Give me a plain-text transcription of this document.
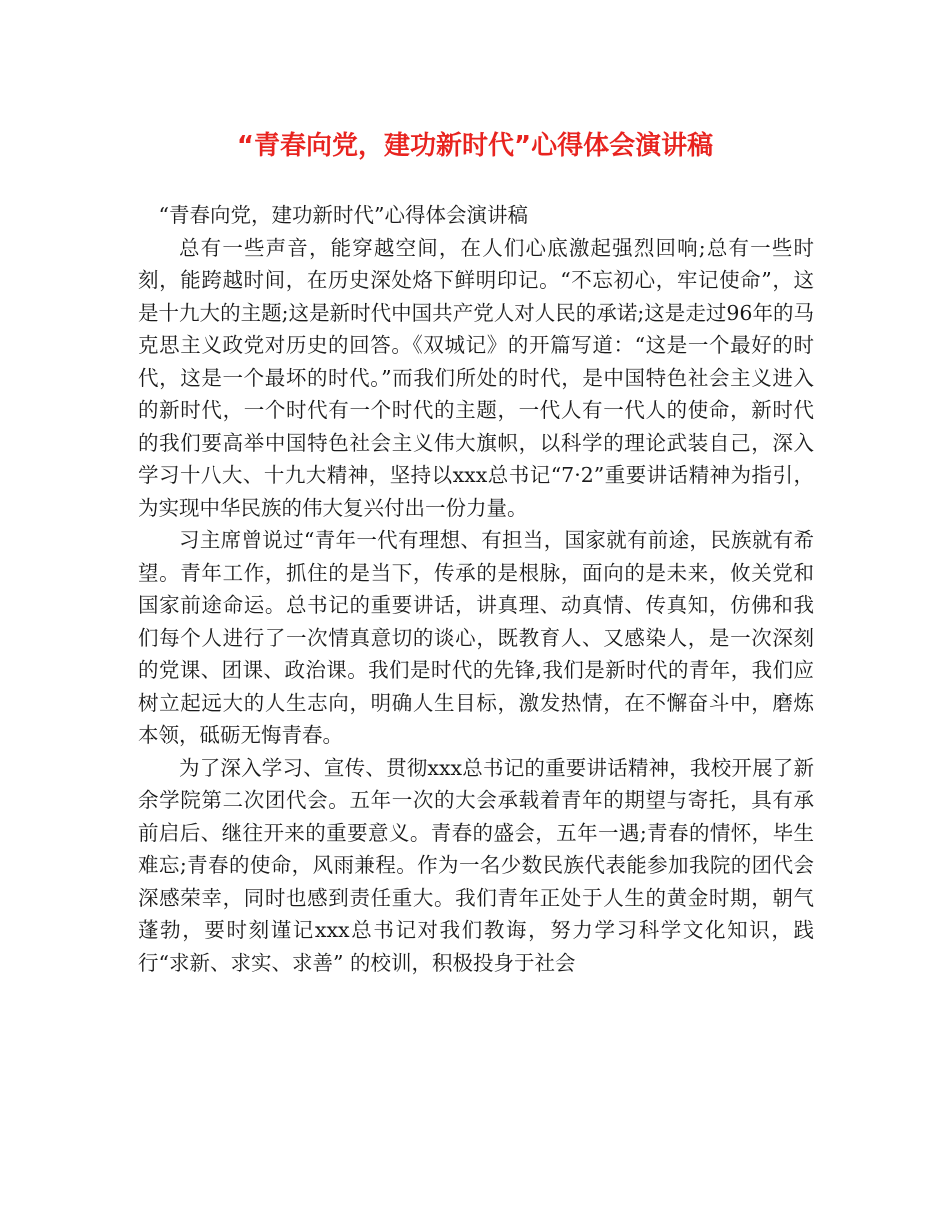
“青春向党，建功新时代”心得体会演讲稿

“青春向党，建功新时代”心得体会演讲稿

总有一些声音，能穿越空间，在人们心底激起强烈回响;总有一些时刻，能跨越时间，在历史深处烙下鲜明印记。“不忘初心，牢记使命”，这是十九大的主题;这是新时代中国共产党人对人民的承诺;这是走过96年的马克思主义政党对历史的回答。《双城记》的开篇写道：“这是一个最好的时代，这是一个最坏的时代。”而我们所处的时代，是中国特色社会主义进入的新时代，一个时代有一个时代的主题，一代人有一代人的使命，新时代的我们要高举中国特色社会主义伟大旗帜，以科学的理论武装自己，深入学习十八大、十九大精神，坚持以xxx总书记“7·2”重要讲话精神为指引，为实现中华民族的伟大复兴付出一份力量。

习主席曾说过“青年一代有理想、有担当，国家就有前途，民族就有希望。青年工作，抓住的是当下，传承的是根脉，面向的是未来，攸关党和国家前途命运。总书记的重要讲话，讲真理、动真情、传真知，仿佛和我们每个人进行了一次情真意切的谈心，既教育人、又感染人，是一次深刻的党课、团课、政治课。我们是时代的先锋,我们是新时代的青年，我们应树立起远大的人生志向，明确人生目标，激发热情，在不懈奋斗中，磨炼本领，砥砺无悔青春。

为了深入学习、宣传、贯彻xxx总书记的重要讲话精神，我校开展了新余学院第二次团代会。五年一次的大会承载着青年的期望与寄托，具有承前启后、继往开来的重要意义。青春的盛会，五年一遇;青春的情怀，毕生难忘;青春的使命，风雨兼程。作为一名少数民族代表能参加我院的团代会深感荣幸，同时也感到责任重大。我们青年正处于人生的黄金时期，朝气蓬勃，要时刻谨记xxx总书记对我们教诲，努力学习科学文化知识，践行“求新、求实、求善” 的校训，积极投身于社会
